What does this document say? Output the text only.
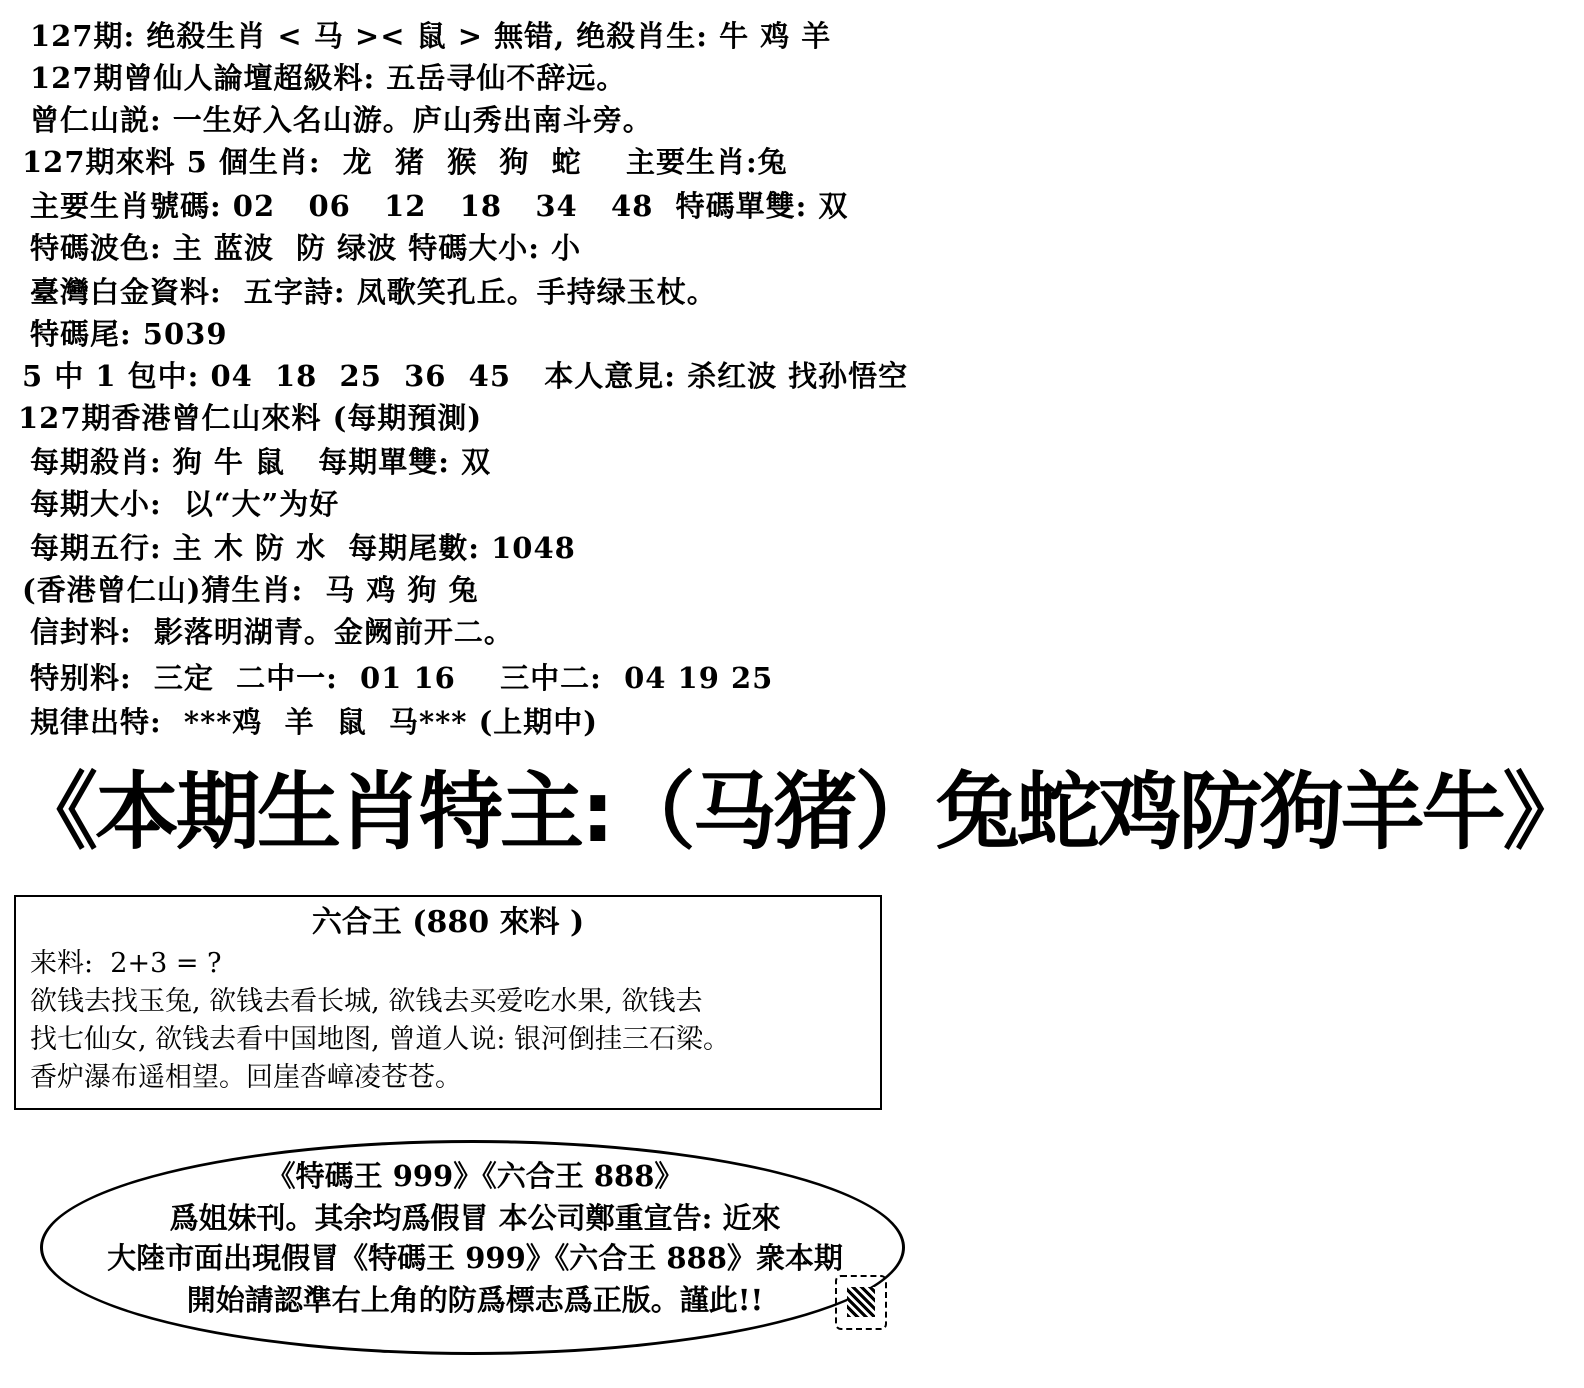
127期: 绝殺生肖 < 马 >< 鼠 > 無错, 绝殺肖生: 牛 鸡 羊
127期曾仙人論壇超級料: 五岳寻仙不辞远。
曾仁山説: 一生好入名山游。庐山秀出南斗旁。
127期來料 5 個生肖:  龙  猪  猴  狗  蛇    主要生肖:兔
主要生肖號碼: 02   06   12   18   34   48  特碼單雙: 双
特碼波色: 主 蓝波  防 绿波 特碼大小: 小
臺灣白金資料:  五字詩: 凤歌笑孔丘。手持绿玉杖。
特碼尾: 5039
5 中 1 包中: 04  18  25  36  45   本人意見: 杀红波 找孙悟空
127期香港曾仁山來料 (每期預測)
每期殺肖: 狗 牛 鼠   每期單雙: 双
每期大小:  以“大”为好
每期五行: 主 木 防 水  每期尾數: 1048
(香港曾仁山)猜生肖:  马 鸡 狗 兔
信封料:  影落明湖青。金阙前开二。
特别料:  三定  二中一:  01 16    三中二:  04 19 25
規律出特:  ***鸡  羊  鼠  马*** (上期中)
《本期生肖特主:（马猪）兔蛇鸡防狗羊牛》
六合王 (880 來料 )
来料:  2+3 = ?
欲钱去找玉兔, 欲钱去看长城, 欲钱去买爱吃水果, 欲钱去
找七仙女, 欲钱去看中国地图, 曾道人说: 银河倒挂三石梁。
香炉瀑布遥相望。回崖沓嶂凌苍苍。
《特碼王 999》《六合王 888》
爲姐妹刊。其余均爲假冒 本公司鄭重宣告: 近來
大陸市面出現假冒《特碼王 999》《六合王 888》衆本期
開始請認準右上角的防爲標志爲正版。謹此!!
